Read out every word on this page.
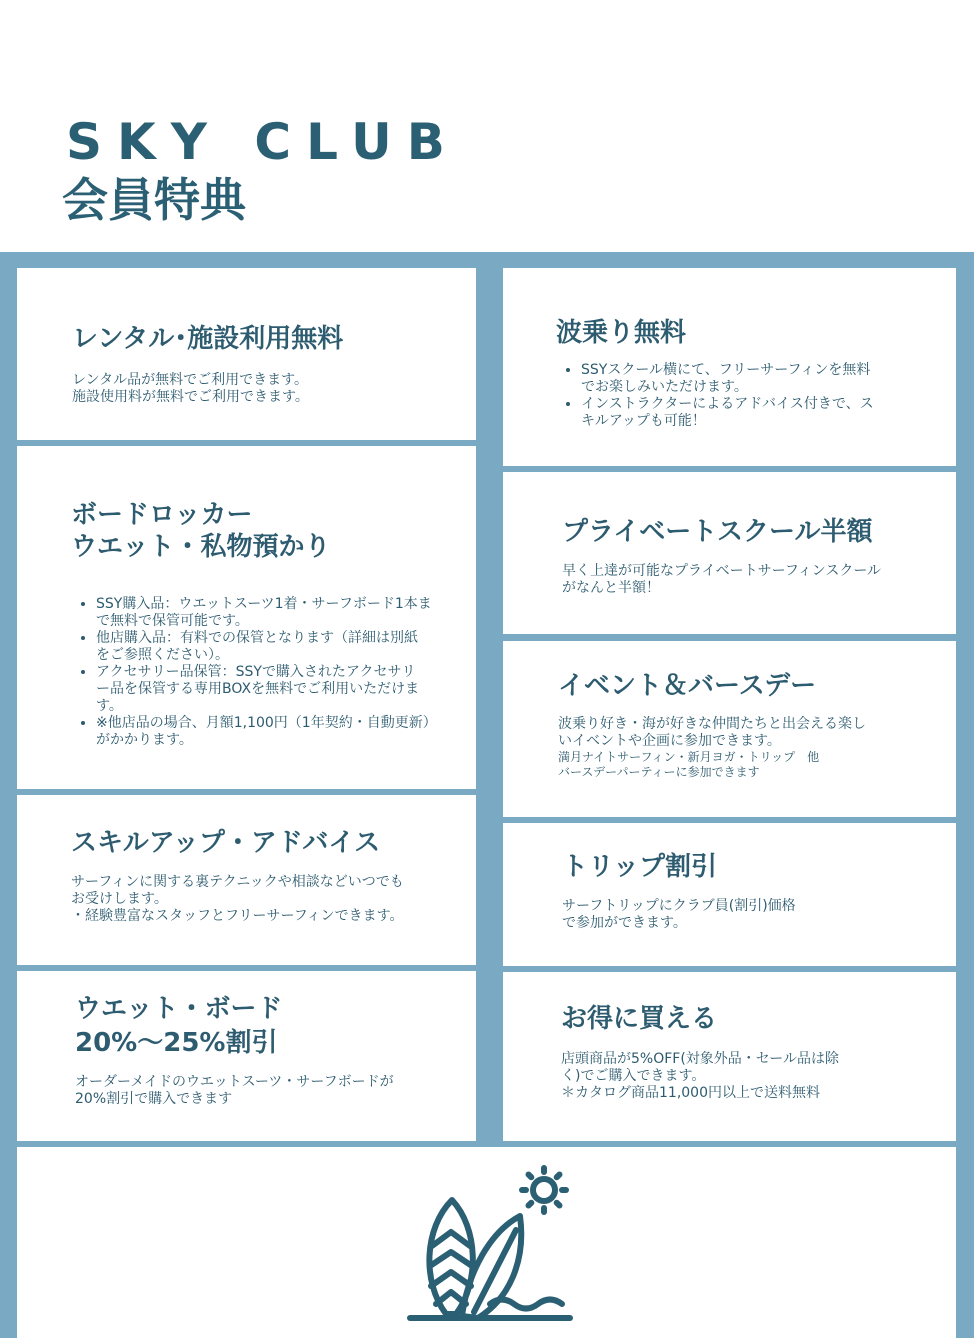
SKY CLUB
会員特典
レンタル･施設利用無料
レンタル品が無料でご利用できます。
施設使用料が無料でご利用できます。
ボードロッカー
ウエット・私物預かり
• SSY購入品：ウエットスーツ1着・サーフボード1本ま
で無料で保管可能です。
• 他店購入品：有料での保管となります（詳細は別紙
をご参照ください）。
• アクセサリー品保管：SSYで購入されたアクセサリ
ー品を保管する専用BOXを無料でご利用いただけま
す。
• ※他店品の場合、月額1,100円（1年契約・自動更新）
がかかります。
スキルアップ・アドバイス
サーフィンに関する裏テクニックや相談などいつでも
お受けします。
・経験豊富なスタッフとフリーサーフィンできます。
ウエット・ボード
20%〜25%割引
オーダーメイドのウエットスーツ・サーフボードが
20%割引で購入できます
波乗り無料
• SSYスクール横にて、フリーサーフィンを無料
でお楽しみいただけます。
• インストラクターによるアドバイス付きで、ス
キルアップも可能！
プライベートスクール半額
早く上達が可能なプライベートサーフィンスクール
がなんと半額！
イベント＆バースデー
波乗り好き・海が好きな仲間たちと出会える楽し
いイベントや企画に参加できます。
満月ナイトサーフィン・新月ヨガ・トリップ　他
バースデーパーティーに参加できます
トリップ割引
サーフトリップにクラブ員(割引)価格
で参加ができます。
お得に買える
店頭商品が5%OFF(対象外品・セール品は除
く)でご購入できます。
＊カタログ商品11,000円以上で送料無料
